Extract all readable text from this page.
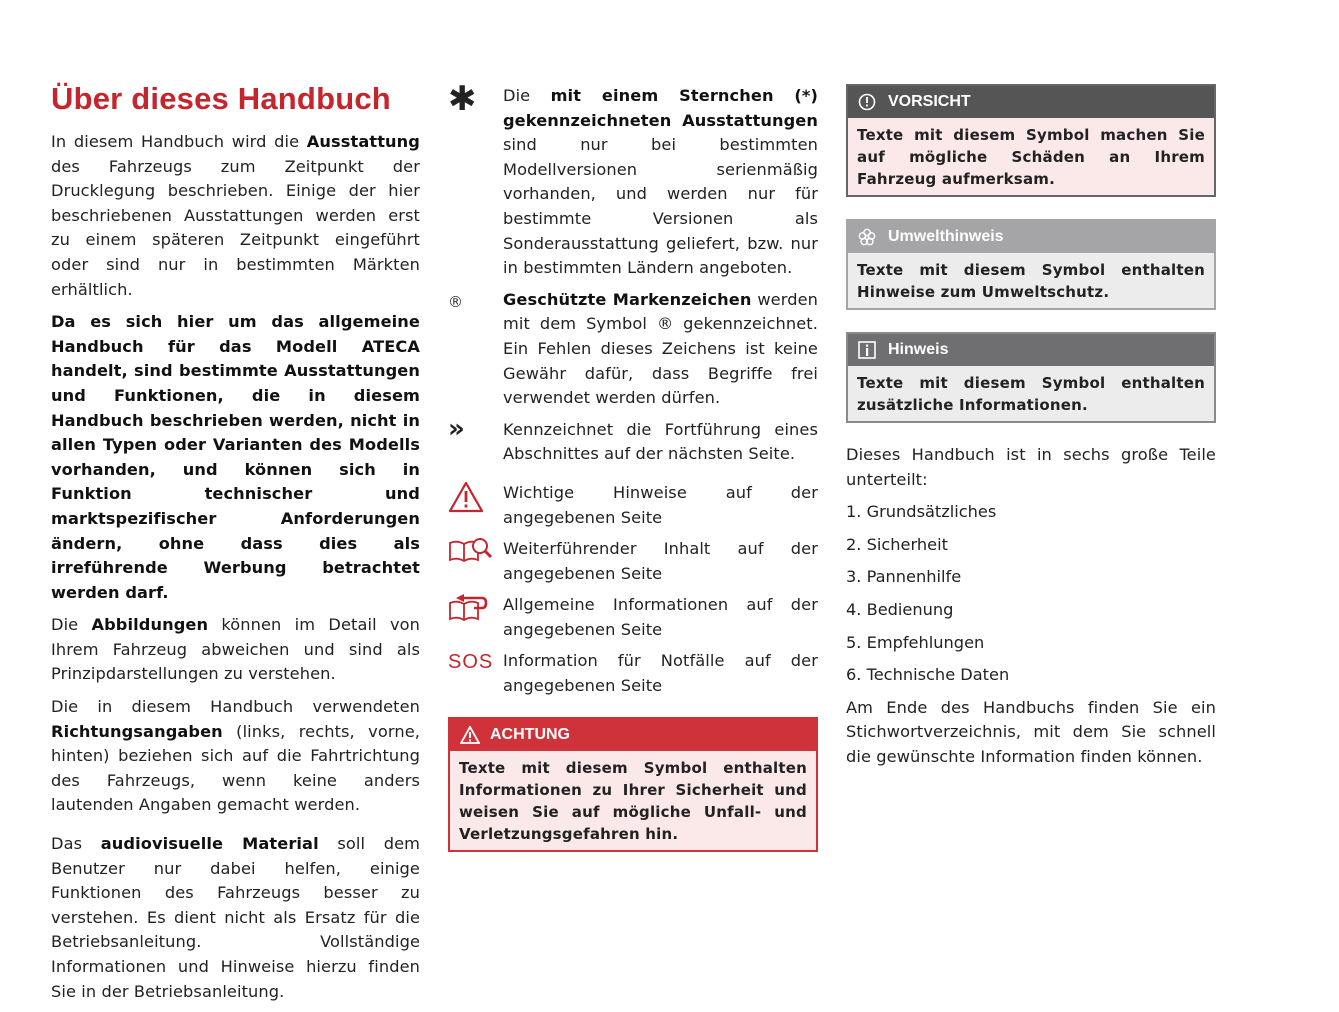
Über dieses Handbuch

In diesem Handbuch wird die Ausstattung des Fahrzeugs zum Zeitpunkt der Drucklegung beschrieben. Einige der hier beschriebenen Ausstattungen werden erst zu einem späteren Zeitpunkt eingeführt oder sind nur in bestimmten Märkten erhältlich.

Da es sich hier um das allgemeine Handbuch für das Modell ATECA handelt, sind bestimmte Ausstattungen und Funktionen, die in diesem Handbuch beschrieben werden, nicht in allen Typen oder Varianten des Modells vorhanden, und können sich in Funktion technischer und marktspezifischer Anforderungen ändern, ohne dass dies als irreführende Werbung betrachtet werden darf.

Die Abbildungen können im Detail von Ihrem Fahrzeug abweichen und sind als Prinzipdarstellungen zu verstehen.

Die in diesem Handbuch verwendeten Richtungsangaben (links, rechts, vorne, hinten) beziehen sich auf die Fahrtrichtung des Fahrzeugs, wenn keine anders lautenden Angaben gemacht werden.

Das audiovisuelle Material soll dem Benutzer nur dabei helfen, einige Funktionen des Fahrzeugs besser zu verstehen. Es dient nicht als Ersatz für die Betriebsanleitung. Vollständige Informationen und Hinweise hierzu finden Sie in der Betriebsanleitung.

✱	Die mit einem Sternchen (*) gekennzeichneten Ausstattungen sind nur bei bestimmten Modellversionen serienmäßig vorhanden, und werden nur für bestimmte Versionen als Sonderausstattung geliefert, bzw. nur in bestimmten Ländern angeboten.

®	Geschützte Markenzeichen werden mit dem Symbol ® gekennzeichnet. Ein Fehlen dieses Zeichens ist keine Gewähr dafür, dass Begriffe frei verwendet werden dürfen.

»	Kennzeichnet die Fortführung eines Abschnittes auf der nächsten Seite.

Wichtige Hinweise auf der angegebenen Seite

Weiterführender Inhalt auf der angegebenen Seite

Allgemeine Informationen auf der angegebenen Seite

SOS Information für Notfälle auf der angegebenen Seite

ACHTUNG
Texte mit diesem Symbol enthalten Informationen zu Ihrer Sicherheit und weisen Sie auf mögliche Unfall- und Verletzungsgefahren hin.
VORSICHT
Texte mit diesem Symbol machen Sie auf mögliche Schäden an Ihrem Fahrzeug aufmerksam.
Umwelthinweis
Texte mit diesem Symbol enthalten Hinweise zum Umweltschutz.
Hinweis
Texte mit diesem Symbol enthalten zusätzliche Informationen.

Dieses Handbuch ist in sechs große Teile unterteilt:

1. Grundsätzliches
2. Sicherheit
3. Pannenhilfe
4. Bedienung
5. Empfehlungen
6. Technische Daten

Am Ende des Handbuchs finden Sie ein Stichwortverzeichnis, mit dem Sie schnell die gewünschte Information finden können.
